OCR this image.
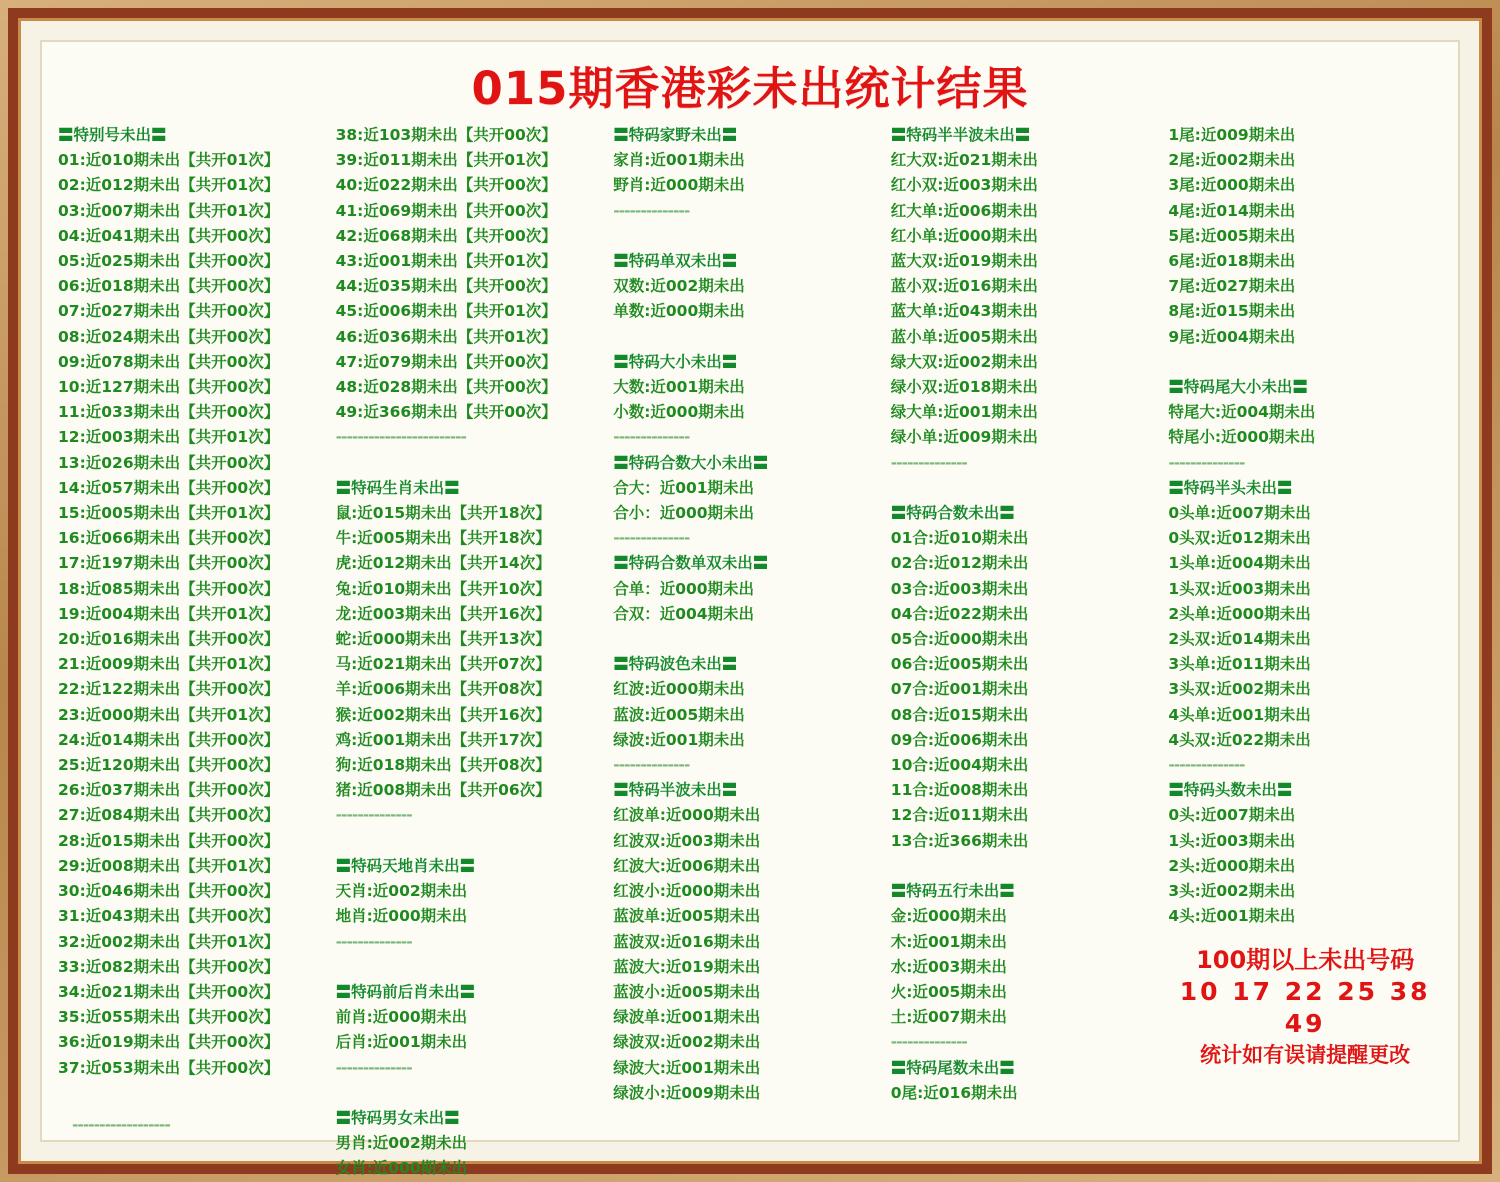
015期香港彩未出统计结果
〓特别号未出〓
01:近010期未出【共开01次】
02:近012期未出【共开01次】
03:近007期未出【共开01次】
04:近041期未出【共开00次】
05:近025期未出【共开00次】
06:近018期未出【共开00次】
07:近027期未出【共开00次】
08:近024期未出【共开00次】
09:近078期未出【共开00次】
10:近127期未出【共开00次】
11:近033期未出【共开00次】
12:近003期未出【共开01次】
13:近026期未出【共开00次】
14:近057期未出【共开00次】
15:近005期未出【共开01次】
16:近066期未出【共开00次】
17:近197期未出【共开00次】
18:近085期未出【共开00次】
19:近004期未出【共开01次】
20:近016期未出【共开00次】
21:近009期未出【共开01次】
22:近122期未出【共开00次】
23:近000期未出【共开01次】
24:近014期未出【共开00次】
25:近120期未出【共开00次】
26:近037期未出【共开00次】
27:近084期未出【共开00次】
28:近015期未出【共开00次】
29:近008期未出【共开01次】
30:近046期未出【共开00次】
31:近043期未出【共开00次】
32:近002期未出【共开01次】
33:近082期未出【共开00次】
34:近021期未出【共开00次】
35:近055期未出【共开00次】
36:近019期未出【共开00次】
37:近053期未出【共开00次】
38:近103期未出【共开00次】
39:近011期未出【共开01次】
40:近022期未出【共开00次】
41:近069期未出【共开00次】
42:近068期未出【共开00次】
43:近001期未出【共开01次】
44:近035期未出【共开00次】
45:近006期未出【共开01次】
46:近036期未出【共开01次】
47:近079期未出【共开00次】
48:近028期未出【共开00次】
49:近366期未出【共开00次】
------------------------
〓特码生肖未出〓
鼠:近015期未出【共开18次】
牛:近005期未出【共开18次】
虎:近012期未出【共开14次】
兔:近010期未出【共开10次】
龙:近003期未出【共开16次】
蛇:近000期未出【共开13次】
马:近021期未出【共开07次】
羊:近006期未出【共开08次】
猴:近002期未出【共开16次】
鸡:近001期未出【共开17次】
狗:近018期未出【共开08次】
猪:近008期未出【共开06次】
--------------
〓特码天地肖未出〓
天肖:近002期未出
地肖:近000期未出
--------------
〓特码前后肖未出〓
前肖:近000期未出
后肖:近001期未出
--------------
〓特码男女未出〓
男肖:近002期未出
女肖:近000期未出
〓特码家野未出〓
家肖:近001期未出
野肖:近000期未出
--------------
〓特码单双未出〓
双数:近002期未出
单数:近000期未出
〓特码大小未出〓
大数:近001期未出
小数:近000期未出
--------------
〓特码合数大小未出〓
合大：近001期未出
合小：近000期未出
--------------
〓特码合数单双未出〓
合单：近000期未出
合双：近004期未出
〓特码波色未出〓
红波:近000期未出
蓝波:近005期未出
绿波:近001期未出
--------------
〓特码半波未出〓
红波单:近000期未出
红波双:近003期未出
红波大:近006期未出
红波小:近000期未出
蓝波单:近005期未出
蓝波双:近016期未出
蓝波大:近019期未出
蓝波小:近005期未出
绿波单:近001期未出
绿波双:近002期未出
绿波大:近001期未出
绿波小:近009期未出
〓特码半半波未出〓
红大双:近021期未出
红小双:近003期未出
红大单:近006期未出
红小单:近000期未出
蓝大双:近019期未出
蓝小双:近016期未出
蓝大单:近043期未出
蓝小单:近005期未出
绿大双:近002期未出
绿小双:近018期未出
绿大单:近001期未出
绿小单:近009期未出
--------------
〓特码合数未出〓
01合:近010期未出
02合:近012期未出
03合:近003期未出
04合:近022期未出
05合:近000期未出
06合:近005期未出
07合:近001期未出
08合:近015期未出
09合:近006期未出
10合:近004期未出
11合:近008期未出
12合:近011期未出
13合:近366期未出
〓特码五行未出〓
金:近000期未出
木:近001期未出
水:近003期未出
火:近005期未出
土:近007期未出
--------------
〓特码尾数未出〓
0尾:近016期未出
1尾:近009期未出
2尾:近002期未出
3尾:近000期未出
4尾:近014期未出
5尾:近005期未出
6尾:近018期未出
7尾:近027期未出
8尾:近015期未出
9尾:近004期未出
〓特码尾大小未出〓
特尾大:近004期未出
特尾小:近000期未出
--------------
〓特码半头未出〓
0头单:近007期未出
0头双:近012期未出
1头单:近004期未出
1头双:近003期未出
2头单:近000期未出
2头双:近014期未出
3头单:近011期未出
3头双:近002期未出
4头单:近001期未出
4头双:近022期未出
--------------
〓特码头数未出〓
0头:近007期未出
1头:近003期未出
2头:近000期未出
3头:近002期未出
4头:近001期未出
100期以上未出号码
10 17 22 25 38 49
统计如有误请提醒更改
------------------
